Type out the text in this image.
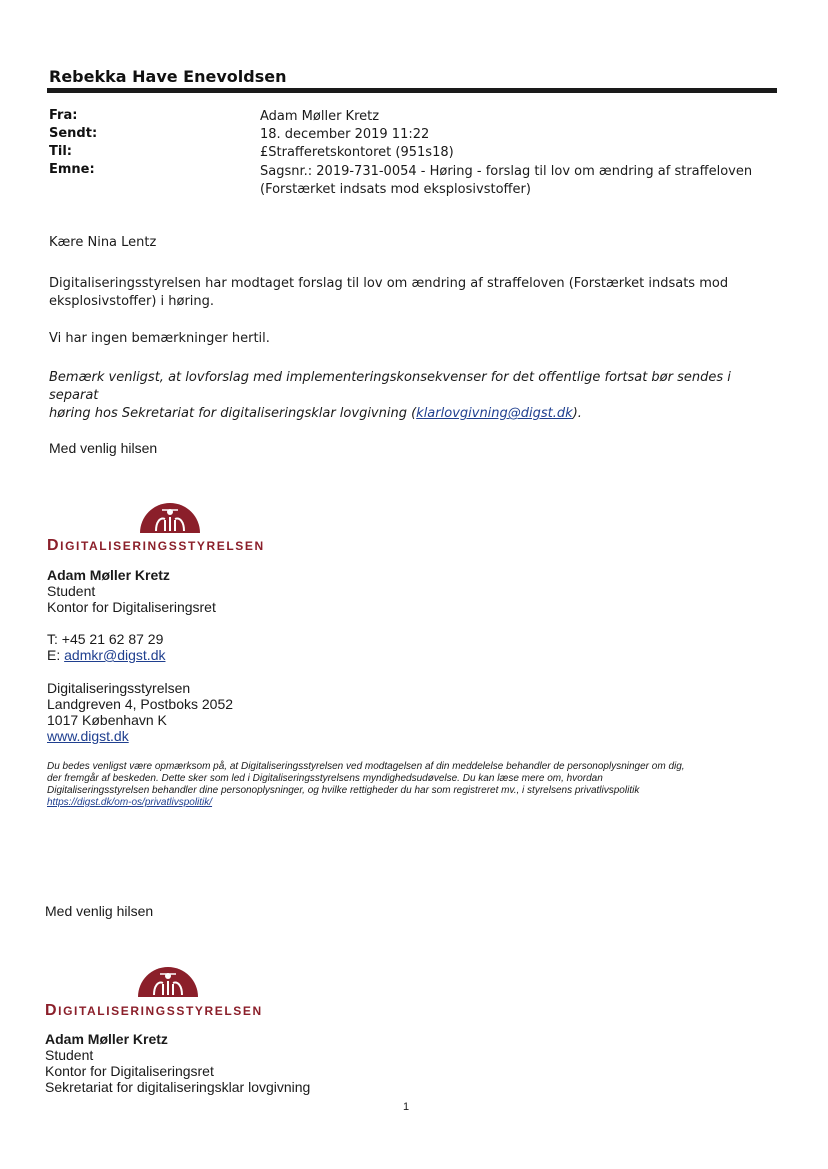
Rebekka Have Enevoldsen
Fra:
Sendt:
Til:
Emne:
Adam Møller Kretz
18. december 2019 11:22
£Strafferetskontoret (951s18)
Sagsnr.: 2019-731-0054 - Høring - forslag til lov om ændring af straffeloven
(Forstærket indsats mod eksplosivstoffer)
Kære Nina Lentz
Digitaliseringsstyrelsen har modtaget forslag til lov om ændring af straffeloven (Forstærket indsats mod
eksplosivstoffer) i høring.
Vi har ingen bemærkninger hertil.
Bemærk venligst, at lovforslag med implementeringskonsekvenser for det offentlige fortsat bør sendes i separat
høring hos Sekretariat for digitaliseringsklar lovgivning (klarlovgivning@digst.dk).
Med venlig hilsen
DIGITALISERINGSSTYRELSEN
Adam Møller Kretz
Student
Kontor for Digitaliseringsret
T: +45 21 62 87 29
E: admkr@digst.dk
Digitaliseringsstyrelsen
Landgreven 4, Postboks 2052
1017 København K
www.digst.dk
Du bedes venligst være opmærksom på, at Digitaliseringsstyrelsen ved modtagelsen af din meddelelse behandler de personoplysninger om dig,
der fremgår af beskeden. Dette sker som led i Digitaliseringsstyrelsens myndighedsudøvelse. Du kan læse mere om, hvordan
Digitaliseringsstyrelsen behandler dine personoplysninger, og hvilke rettigheder du har som registreret mv., i styrelsens privatlivspolitik
https://digst.dk/om-os/privatlivspolitik/
Med venlig hilsen
DIGITALISERINGSSTYRELSEN
Adam Møller Kretz
Student
Kontor for Digitaliseringsret
Sekretariat for digitaliseringsklar lovgivning
1
